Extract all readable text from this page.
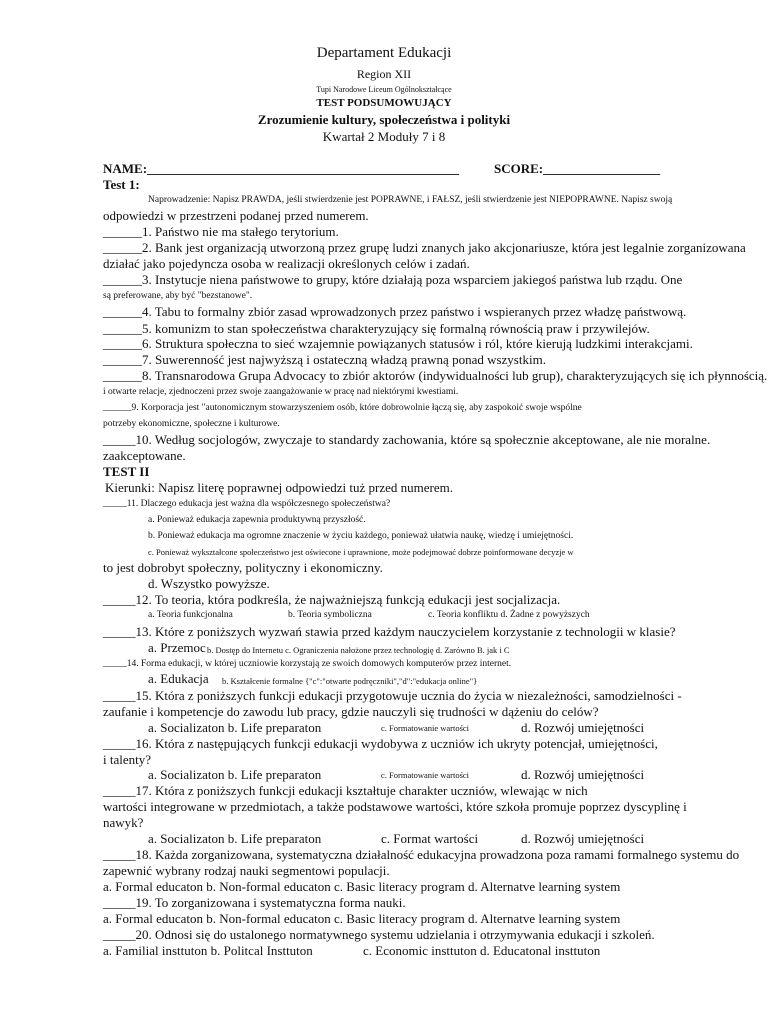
Departament Edukacji
Region XII
Tupi Narodowe Liceum Ogólnokształcące
TEST PODSUMOWUJĄCY
Zrozumienie kultury, społeczeństwa i polityki
Kwartał 2 Moduły 7 i 8
NAME:________________________________________________	SCORE:__________________
Test 1:
Naprowadzenie: Napisz PRAWDA, jeśli stwierdzenie jest POPRAWNE, i FAŁSZ, jeśli stwierdzenie jest NIEPOPRAWNE. Napisz swoją
odpowiedzi w przestrzeni podanej przed numerem.
______1. Państwo nie ma stałego terytorium.
______2. Bank jest organizacją utworzoną przez grupę ludzi znanych jako akcjonariusze, która jest legalnie zorganizowana
działać jako pojedyncza osoba w realizacji określonych celów i zadań.
______3. Instytucje niena państwowe to grupy, które działają poza wsparciem jakiegoś państwa lub rządu. One
są preferowane, aby być "bezstanowe".
______4. Tabu to formalny zbiór zasad wprowadzonych przez państwo i wspieranych przez władzę państwową.
______5. komunizm to stan społeczeństwa charakteryzujący się formalną równością praw i przywilejów.
______6. Struktura społeczna to sieć wzajemnie powiązanych statusów i ról, które kierują ludzkimi interakcjami.
______7. Suwerenność jest najwyższą i ostateczną władzą prawną ponad wszystkim.
______8. Transnarodowa Grupa Advocacy to zbiór aktorów (indywidualności lub grup), charakteryzujących się ich płynnością.
i otwarte relacje, zjednoczeni przez swoje zaangażowanie w pracę nad niektórymi kwestiami.
______9. Korporacja jest "autonomicznym stowarzyszeniem osób, które dobrowolnie łączą się, aby zaspokoić swoje wspólne
potrzeby ekonomiczne, społeczne i kulturowe.
_____10. Według socjologów, zwyczaje to standardy zachowania, które są społecznie akceptowane, ale nie moralne.
zaakceptowane.
TEST II
Kierunki: Napisz literę poprawnej odpowiedzi tuż przed numerem.
_____11. Dlaczego edukacja jest ważna dla współczesnego społeczeństwa?
a. Ponieważ edukacja zapewnia produktywną przyszłość.
b. Ponieważ edukacja ma ogromne znaczenie w życiu każdego, ponieważ ułatwia naukę, wiedzę i umiejętności.
c. Ponieważ wykształcone społeczeństwo jest oświecone i uprawnione, może podejmować dobrze poinformowane decyzje w
to jest dobrobyt społeczny, polityczny i ekonomiczny.
d. Wszystko powyższe.
_____12. To teoria, która podkreśla, że najważniejszą funkcją edukacji jest socjalizacja.
a. Teoria funkcjonalna	b. Teoria symboliczna	c. Teoria konfliktu d. Żadne z powyższych
_____13. Które z poniższych wyzwań stawia przed każdym nauczycielem korzystanie z technologii w klasie?
a. Przemoc b. Dostęp do Internetu c. Ograniczenia nałożone przez technologię d. Zarówno B. jak i C
_____14. Forma edukacji, w której uczniowie korzystają ze swoich domowych komputerów przez internet.
a. Edukacja b. Kształcenie formalne {"c":"otwarte podręczniki","d":"edukacja online"}
_____15. Która z poniższych funkcji edukacji przygotowuje ucznia do życia w niezależności, samodzielności -
zaufanie i kompetencje do zawodu lub pracy, gdzie nauczyli się trudności w dążeniu do celów?
a. Socializaton b. Life preparaton	c. Formatowanie wartości	d. Rozwój umiejętności
_____16. Która z następujących funkcji edukacji wydobywa z uczniów ich ukryty potencjał, umiejętności,
i talenty?
a. Socializaton b. Life preparaton	c. Formatowanie wartości	d. Rozwój umiejętności
_____17. Która z poniższych funkcji edukacji kształtuje charakter uczniów, wlewając w nich
wartości integrowane w przedmiotach, a także podstawowe wartości, które szkoła promuje poprzez dyscyplinę i
nawyk?
a. Socializaton b. Life preparaton	c. Format wartości	d. Rozwój umiejętności
_____18. Każda zorganizowana, systematyczna działalność edukacyjna prowadzona poza ramami formalnego systemu do
zapewnić wybrany rodzaj nauki segmentowi populacji.
a. Formal educaton b. Non-formal educaton c. Basic literacy program d. Alternatve learning system
_____19. To zorganizowana i systematyczna forma nauki.
a. Formal educaton b. Non-formal educaton c. Basic literacy program d. Alternatve learning system
_____20. Odnosi się do ustalonego normatywnego systemu udzielania i otrzymywania edukacji i szkoleń.
a. Familial insttuton b. Politcal Insttuton	c. Economic insttuton d. Educatonal insttuton
